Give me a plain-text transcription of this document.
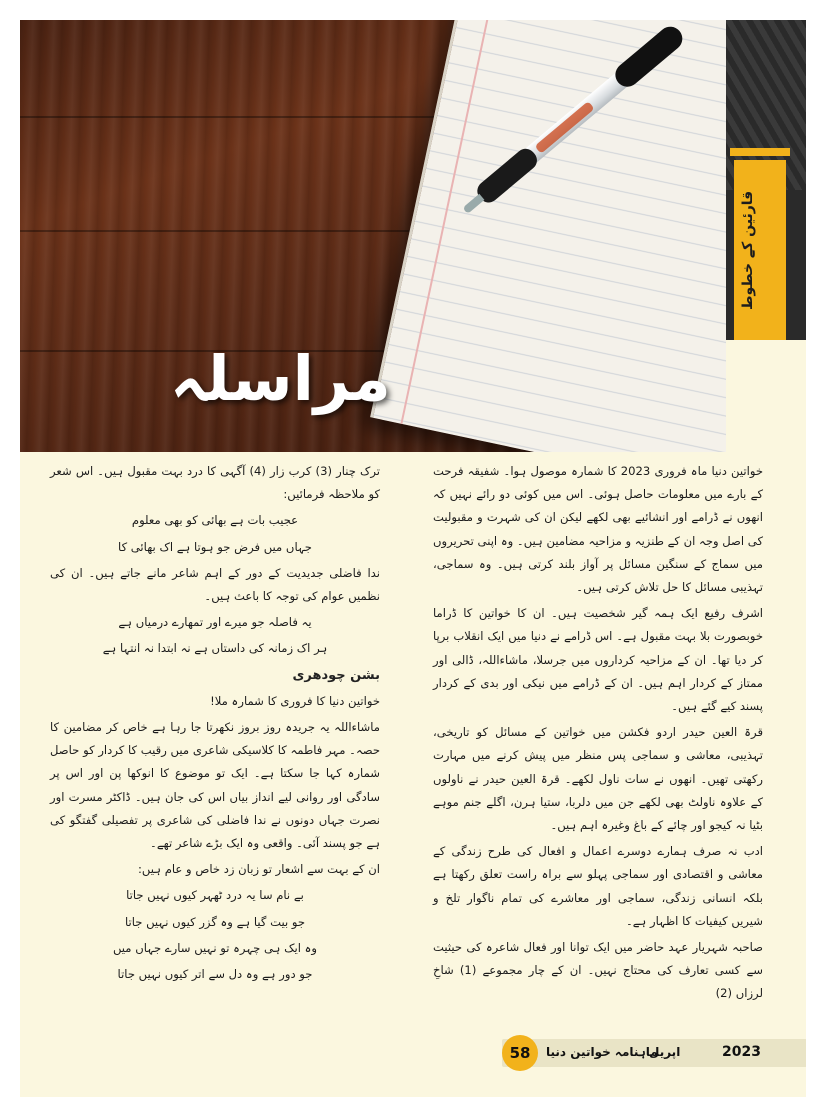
مراسلہ
قارئین کے خطوط

خواتین دنیا ماہ فروری 2023 کا شمارہ موصول ہوا۔ شفیقہ فرحت کے بارے میں معلومات حاصل ہوئی۔ اس میں کوئی دو رائے نہیں کہ انھوں نے ڈرامے اور انشائیے بھی لکھے لیکن ان کی شہرت و مقبولیت کی اصل وجہ ان کے طنزیہ و مزاحیہ مضامین ہیں۔ وہ اپنی تحریروں میں سماج کے سنگین مسائل پر آواز بلند کرتی ہیں۔ وہ سماجی، تہذیبی مسائل کا حل تلاش کرتی ہیں۔

اشرف رفیع ایک ہمہ گیر شخصیت ہیں۔ ان کا خواتین کا ڈراما خوبصورت بلا بہت مقبول ہے۔ اس ڈرامے نے دنیا میں ایک انقلاب برپا کر دیا تھا۔ ان کے مزاحیہ کرداروں میں جرسلا، ماشاءاللہ، ڈالی اور ممتاز کے کردار اہم ہیں۔ ان کے ڈرامے میں نیکی اور بدی کے کردار پسند کیے گئے ہیں۔

قرۃ العین حیدر اردو فکشن میں خواتین کے مسائل کو تاریخی، تہذیبی، معاشی و سماجی پس منظر میں پیش کرنے میں مہارت رکھتی تھیں۔ انھوں نے سات ناول لکھے۔ قرۃ العین حیدر نے ناولوں کے علاوہ ناولٹ بھی لکھے جن میں دلربا، ستیا ہرن، اگلے جنم موہے بٹیا نہ کیجو اور چائے کے باغ وغیرہ اہم ہیں۔

ادب نہ صرف ہمارے دوسرے اعمال و افعال کی طرح زندگی کے معاشی و اقتصادی اور سماجی پہلو سے براہ راست تعلق رکھتا ہے بلکہ انسانی زندگی، سماجی اور معاشرے کی تمام ناگوار تلخ و شیریں کیفیات کا اظہار ہے۔

صاحبہ شہریار عہد حاضر میں ایک توانا اور فعال شاعرہ کی حیثیت سے کسی تعارف کی محتاج نہیں۔ ان کے چار مجموعے (1) شاخِ لرزاں (2)

ترک چنار (3) کرب زار (4) آگہی کا درد بہت مقبول ہیں۔ اس شعر کو ملاحظہ فرمائیں:

عجیب بات ہے بھائی کو بھی معلوم

جہاں میں فرض جو ہوتا ہے اک بھائی کا

ندا فاضلی جدیدیت کے دور کے اہم شاعر مانے جاتے ہیں۔ ان کی نظمیں عوام کی توجہ کا باعث ہیں۔

یہ فاصلہ جو میرے اور تمھارے درمیاں ہے

ہر اک زمانہ کی داستاں ہے نہ ابتدا نہ انتہا ہے

بشن چودھری

خواتین دنیا کا فروری کا شمارہ ملا!

ماشاءاللہ یہ جریدہ روز بروز نکھرتا جا رہا ہے خاص کر مضامین کا حصہ۔ مہر فاطمہ کا کلاسیکی شاعری میں رقیب کا کردار کو حاصل شمارہ کہا جا سکتا ہے۔ ایک تو موضوع کا انوکھا پن اور اس پر سادگی اور روانی لیے انداز بیاں اس کی جان ہیں۔ ڈاکٹر مسرت اور نصرت جہاں دونوں نے ندا فاضلی کی شاعری پر تفصیلی گفتگو کی ہے جو پسند آئی۔ واقعی وہ ایک بڑے شاعر تھے۔

ان کے بہت سے اشعار تو زبان زد خاص و عام ہیں:

بے نام سا یہ درد ٹھہر کیوں نہیں جاتا

جو بیت گیا ہے وہ گزر کیوں نہیں جاتا

وہ ایک ہی چہرہ تو نہیں سارے جہاں میں

جو دور ہے وہ دل سے اتر کیوں نہیں جاتا

58	ماہنامہ خواتین دنیا
اپریل	2023
